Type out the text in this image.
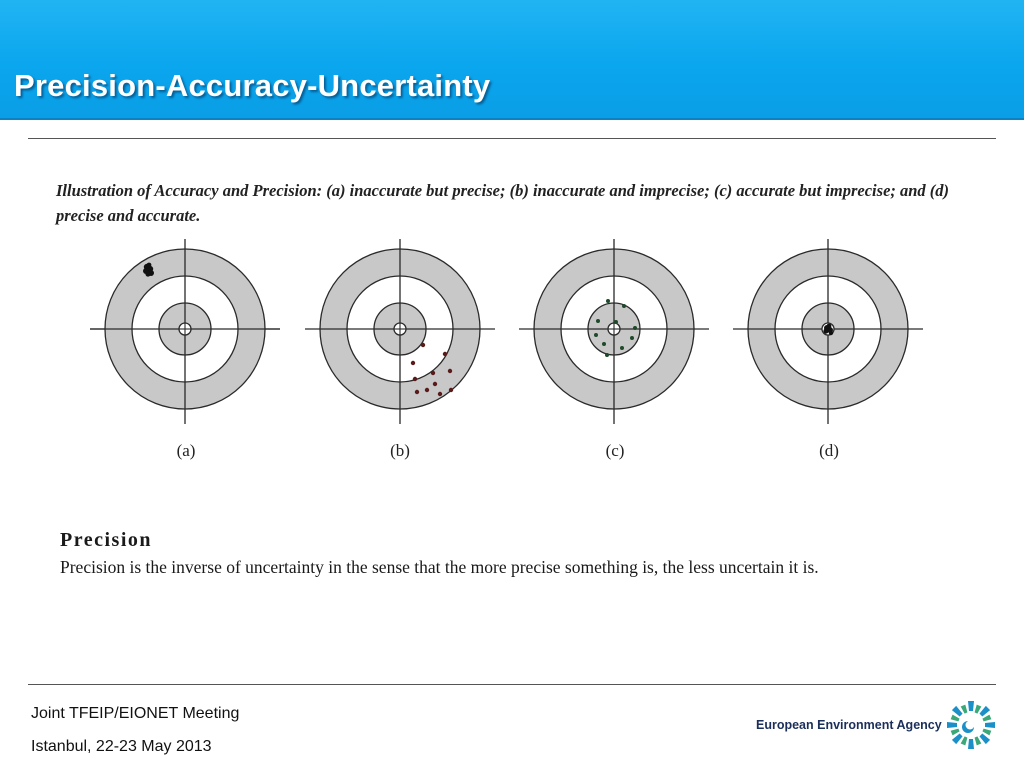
Precision-Accuracy-Uncertainty
Illustration of Accuracy and Precision: (a) inaccurate but precise; (b) inaccurate and imprecise; (c) accurate but imprecise; and (d) precise and accurate.
(a)	(b)	(c)	(d)
Precision
Precision is the inverse of uncertainty in the sense that the more precise something is, the less uncertain it is.
Joint TFEIP/EIONET Meeting
Istanbul, 22-23 May 2013
European Environment Agency
